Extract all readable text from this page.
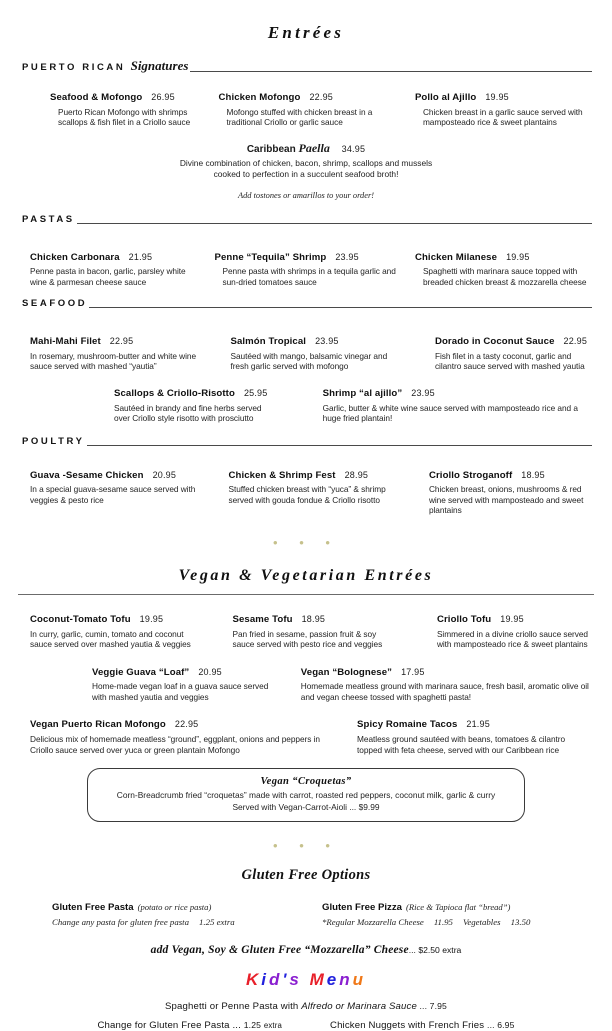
Entrées
PUERTO RICAN Signatures
Seafood & Mofongo 26.95
Puerto Rican Mofongo with shrimps scallops & fish filet in a Criollo sauce
Chicken Mofongo 22.95
Mofongo stuffed with chicken breast in a traditional Criollo or garlic sauce
Pollo al Ajillo 19.95
Chicken breast in a garlic sauce served with mamposteado rice & sweet plantains
Caribbean Paella 34.95
Divine combination of chicken, bacon, shrimp, scallops and mussels
cooked to perfection in a succulent seafood broth!
Add tostones or amarillos to your order!
PASTAS
Chicken Carbonara 21.95
Penne pasta in bacon, garlic, parsley white wine & parmesan cheese sauce
Penne “Tequila” Shrimp 23.95
Penne pasta with shrimps in a tequila garlic and sun-dried tomatoes sauce
Chicken Milanese 19.95
Spaghetti with marinara sauce topped with breaded chicken breast & mozzarella cheese
SEAFOOD
Mahi-Mahi Filet 22.95
In rosemary, mushroom-butter and white wine sauce served with mashed “yautia”
Salmón Tropical 23.95
Sautéed with mango, balsamic vinegar and fresh garlic served with mofongo
Dorado in Coconut Sauce 22.95
Fish filet in a tasty coconut, garlic and cilantro sauce served with mashed yautia
Scallops & Criollo-Risotto 25.95
Sautéed in brandy and fine herbs served over Criollo style risotto with prosciutto
Shrimp “al ajillo” 23.95
Garlic, butter & white wine sauce served with mamposteado rice and a huge fried plantain!
POULTRY
Guava -Sesame Chicken 20.95
In a special guava-sesame sauce served with veggies & pesto rice
Chicken & Shrimp Fest 28.95
Stuffed chicken breast with “yuca” & shrimp served with gouda fondue & Criollo risotto
Criollo Stroganoff 18.95
Chicken breast, onions, mushrooms & red wine served with mamposteado and sweet plantains
• • •
Vegan & Vegetarian Entrées
Coconut-Tomato Tofu 19.95
In curry, garlic, cumin, tomato and coconut sauce served over mashed yautia & veggies
Sesame Tofu 18.95
Pan fried in sesame, passion fruit & soy sauce served with pesto rice and veggies
Criollo Tofu 19.95
Simmered in a divine criollo sauce served with mamposteado rice & sweet plantains
Veggie Guava “Loaf” 20.95
Home-made vegan loaf in a guava sauce served with mashed yautia and veggies
Vegan “Bolognese” 17.95
Homemade meatless ground with marinara sauce, fresh basil, aromatic olive oil and vegan cheese tossed with spaghetti pasta!
Vegan Puerto Rican Mofongo 22.95
Delicious mix of homemade meatless “ground”, eggplant, onions and peppers in Criollo sauce served over yuca or green plantain Mofongo
Spicy Romaine Tacos 21.95
Meatless ground sautéed with beans, tomatoes & cilantro topped with feta cheese, served with our Caribbean rice
Vegan “Croquetas”
Corn-Breadcrumb fried “croquetas” made with carrot, roasted red peppers, coconut milk, garlic & curry
Served with Vegan-Carrot-Aioli ... $9.99
• • •
Gluten Free Options
Gluten Free Pasta (potato or rice pasta)
Change any pasta for gluten free pasta 1.25 extra
Gluten Free Pizza (Rice & Tapioca flat “bread”)
*Regular Mozzarella Cheese 11.95 Vegetables 13.50
add Vegan, Soy & Gluten Free “Mozzarella” Cheese... $2.50 extra
Kid's Menu
Spaghetti or Penne Pasta with Alfredo or Marinara Sauce ... 7.95
Change for Gluten Free Pasta ... 1.25 extra	Chicken Nuggets with French Fries ... 6.95
